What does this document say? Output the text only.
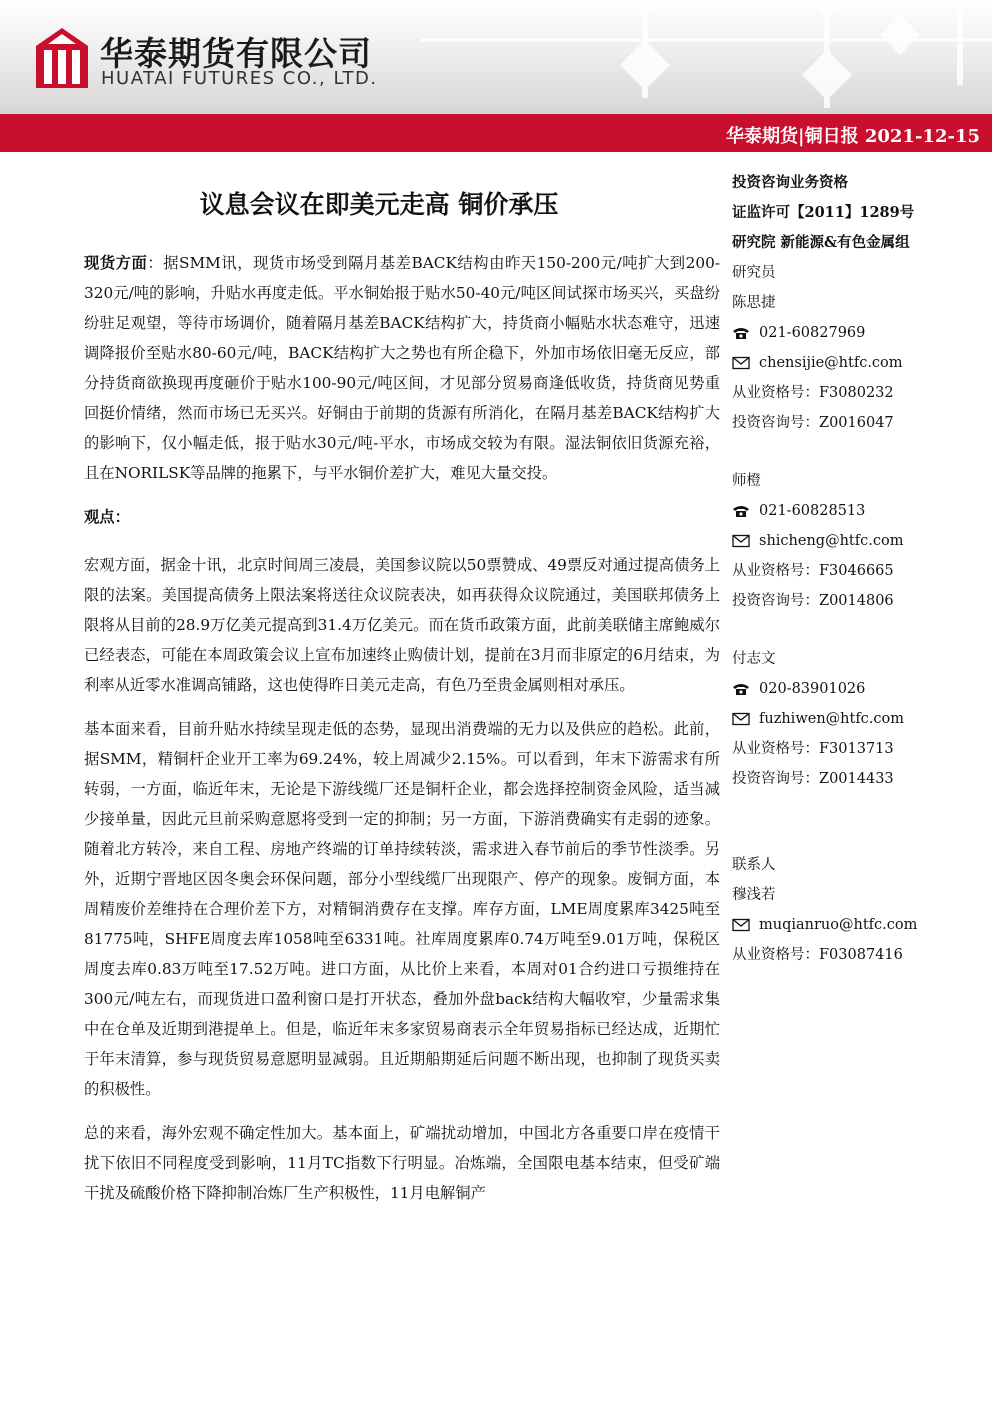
华泰期货有限公司
HUATAI FUTURES CO., LTD.
华泰期货|铜日报 2021-12-15
议息会议在即美元走高 铜价承压

现货方面：据SMM讯，现货市场受到隔月基差BACK结构由昨天150-200元/吨扩大到200-320元/吨的影响，升贴水再度走低。平水铜始报于贴水50-40元/吨区间试探市场买兴，买盘纷纷驻足观望，等待市场调价，随着隔月基差BACK结构扩大，持货商小幅贴水状态难守，迅速调降报价至贴水80-60元/吨，BACK结构扩大之势也有所企稳下，外加市场依旧毫无反应，部分持货商欲换现再度砸价于贴水100-90元/吨区间，才见部分贸易商逢低收货，持货商见势重回挺价情绪，然而市场已无买兴。好铜由于前期的货源有所消化，在隔月基差BACK结构扩大的影响下，仅小幅走低，报于贴水30元/吨-平水，市场成交较为有限。湿法铜依旧货源充裕，且在NORILSK等品牌的拖累下，与平水铜价差扩大，难见大量交投。

观点：

宏观方面，据金十讯，北京时间周三凌晨，美国参议院以50票赞成、49票反对通过提高债务上限的法案。美国提高债务上限法案将送往众议院表决，如再获得众议院通过，美国联邦债务上限将从目前的28.9万亿美元提高到31.4万亿美元。而在货币政策方面，此前美联储主席鲍威尔已经表态，可能在本周政策会议上宣布加速终止购债计划，提前在3月而非原定的6月结束，为利率从近零水准调高铺路，这也使得昨日美元走高，有色乃至贵金属则相对承压。

基本面来看，目前升贴水持续呈现走低的态势，显现出消费端的无力以及供应的趋松。此前，据SMM，精铜杆企业开工率为69.24%，较上周减少2.15%。可以看到，年末下游需求有所转弱，一方面，临近年末，无论是下游线缆厂还是铜杆企业，都会选择控制资金风险，适当减少接单量，因此元旦前采购意愿将受到一定的抑制；另一方面，下游消费确实有走弱的迹象。随着北方转冷，来自工程、房地产终端的订单持续转淡，需求进入春节前后的季节性淡季。另外，近期宁晋地区因冬奥会环保问题，部分小型线缆厂出现限产、停产的现象。废铜方面，本周精废价差维持在合理价差下方，对精铜消费存在支撑。库存方面，LME周度累库3425吨至81775吨，SHFE周度去库1058吨至6331吨。社库周度累库0.74万吨至9.01万吨，保税区周度去库0.83万吨至17.52万吨。进口方面，从比价上来看，本周对01合约进口亏损维持在300元/吨左右，而现货进口盈利窗口是打开状态，叠加外盘back结构大幅收窄，少量需求集中在仓单及近期到港提单上。但是，临近年末多家贸易商表示全年贸易指标已经达成，近期忙于年末清算，参与现货贸易意愿明显减弱。且近期船期延后问题不断出现，也抑制了现货买卖的积极性。

总的来看，海外宏观不确定性加大。基本面上，矿端扰动增加，中国北方各重要口岸在疫情干扰下依旧不同程度受到影响，11月TC指数下行明显。冶炼端，全国限电基本结束，但受矿端干扰及硫酸价格下降抑制冶炼厂生产积极性，11月电解铜产

投资咨询业务资格
证监许可【2011】1289号
研究院 新能源&有色金属组
研究员
陈思捷
021-60827969
chensijie@htfc.com
从业资格号：F3080232
投资咨询号：Z0016047
师橙
021-60828513
shicheng@htfc.com
从业资格号：F3046665
投资咨询号：Z0014806
付志文
020-83901026
fuzhiwen@htfc.com
从业资格号：F3013713
投资咨询号：Z0014433
联系人
穆浅若
muqianruo@htfc.com
从业资格号：F03087416
